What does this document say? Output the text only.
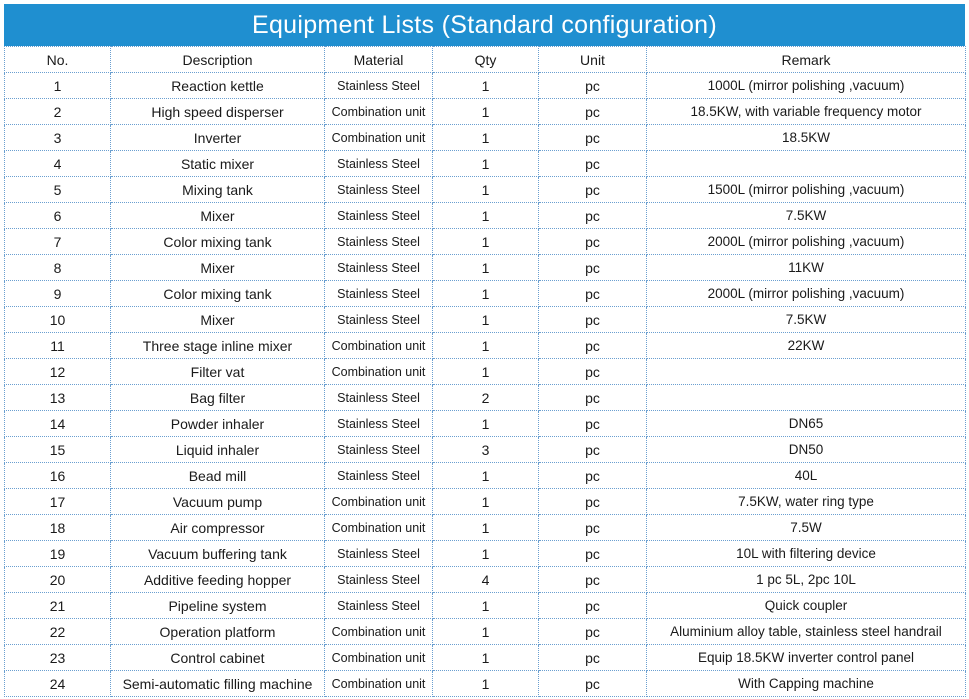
Equipment Lists (Standard configuration)
No.	Description	Material	Qty	Unit	Remark
1	Reaction kettle	Stainless Steel	1	pc	1000L (mirror polishing ,vacuum)
2	High speed disperser	Combination unit	1	pc	18.5KW, with variable frequency motor
3	Inverter	Combination unit	1	pc	18.5KW
4	Static mixer	Stainless Steel	1	pc	
5	Mixing tank	Stainless Steel	1	pc	1500L (mirror polishing ,vacuum)
6	Mixer	Stainless Steel	1	pc	7.5KW
7	Color mixing tank	Stainless Steel	1	pc	2000L (mirror polishing ,vacuum)
8	Mixer	Stainless Steel	1	pc	11KW
9	Color mixing tank	Stainless Steel	1	pc	2000L (mirror polishing ,vacuum)
10	Mixer	Stainless Steel	1	pc	7.5KW
11	Three stage inline mixer	Combination unit	1	pc	22KW
12	Filter vat	Combination unit	1	pc	
13	Bag filter	Stainless Steel	2	pc	
14	Powder inhaler	Stainless Steel	1	pc	DN65
15	Liquid inhaler	Stainless Steel	3	pc	DN50
16	Bead mill	Stainless Steel	1	pc	40L
17	Vacuum pump	Combination unit	1	pc	7.5KW, water ring type
18	Air compressor	Combination unit	1	pc	7.5W
19	Vacuum buffering tank	Stainless Steel	1	pc	10L with filtering device
20	Additive feeding hopper	Stainless Steel	4	pc	1 pc 5L, 2pc 10L
21	Pipeline system	Stainless Steel	1	pc	Quick coupler
22	Operation platform	Combination unit	1	pc	Aluminium alloy table, stainless steel handrail
23	Control cabinet	Combination unit	1	pc	Equip 18.5KW inverter control panel
24	Semi-automatic filling machine	Combination unit	1	pc	With Capping machine
